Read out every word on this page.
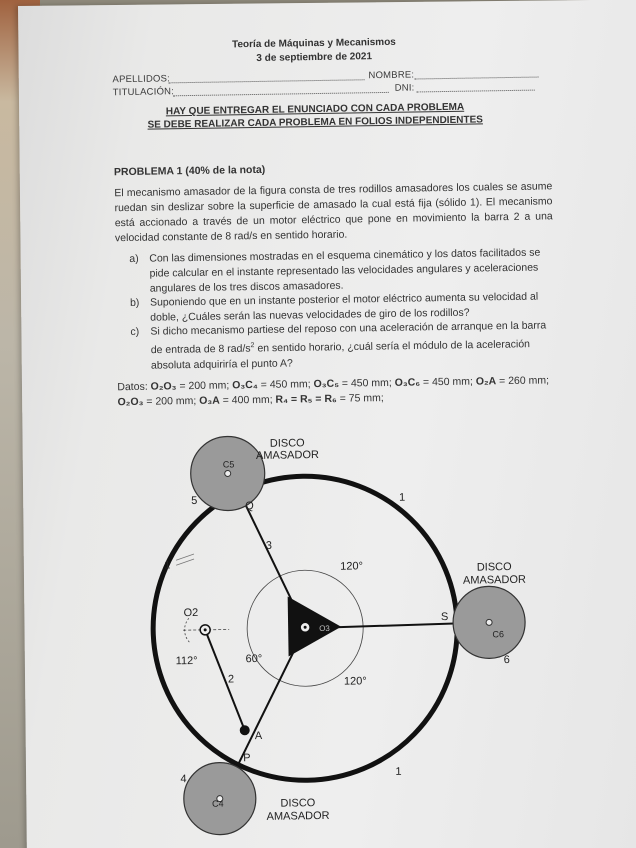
Teoría de Máquinas y Mecanismos
3 de septiembre de 2021
APELLIDOS:	NOMBRE:
TITULACIÓN:	DNI:
HAY QUE ENTREGAR EL ENUNCIADO CON CADA PROBLEMA
SE DEBE REALIZAR CADA PROBLEMA EN FOLIOS INDEPENDIENTES
PROBLEMA 1 (40% de la nota)
El mecanismo amasador de la figura consta de tres rodillos amasadores los cuales se asume ruedan sin deslizar sobre la superficie de amasado la cual está fija (sólido 1). El mecanismo está accionado a través de un motor eléctrico que pone en movimiento la barra 2 a una velocidad constante de 8 rad/s en sentido horario.
a) Con las dimensiones mostradas en el esquema cinemático y los datos facilitados se pide calcular en el instante representado las velocidades angulares y aceleraciones angulares de los tres discos amasadores.
b) Suponiendo que en un instante posterior el motor eléctrico aumenta su velocidad al doble, ¿Cuáles serán las nuevas velocidades de giro de los rodillos?
c)	Si dicho mecanismo partiese del reposo con una aceleración de arranque en la barra de entrada de 8 rad/$s^2$ en sentido horario, ¿cuál sería el módulo de la aceleración absoluta adquiriría el punto A?
Datos: O₂O₃ = 200 mm; O₃C₄ = 450 mm; O₃C₅ = 450 mm; O₃C₆ = 450 mm; O₂A = 260 mm; O₂O₃ = 200 mm; O₃A = 400 mm; R₄ = R₅ = R₆ = 75 mm;
DISCO
AMASADOR
C5
DISCO
AMASADOR
C6
DISCO
AMASADOR
C4
O2
O3
Q
S
A
P
1
1
1
2
3
4
5
6
120°
120°
60°
112°
